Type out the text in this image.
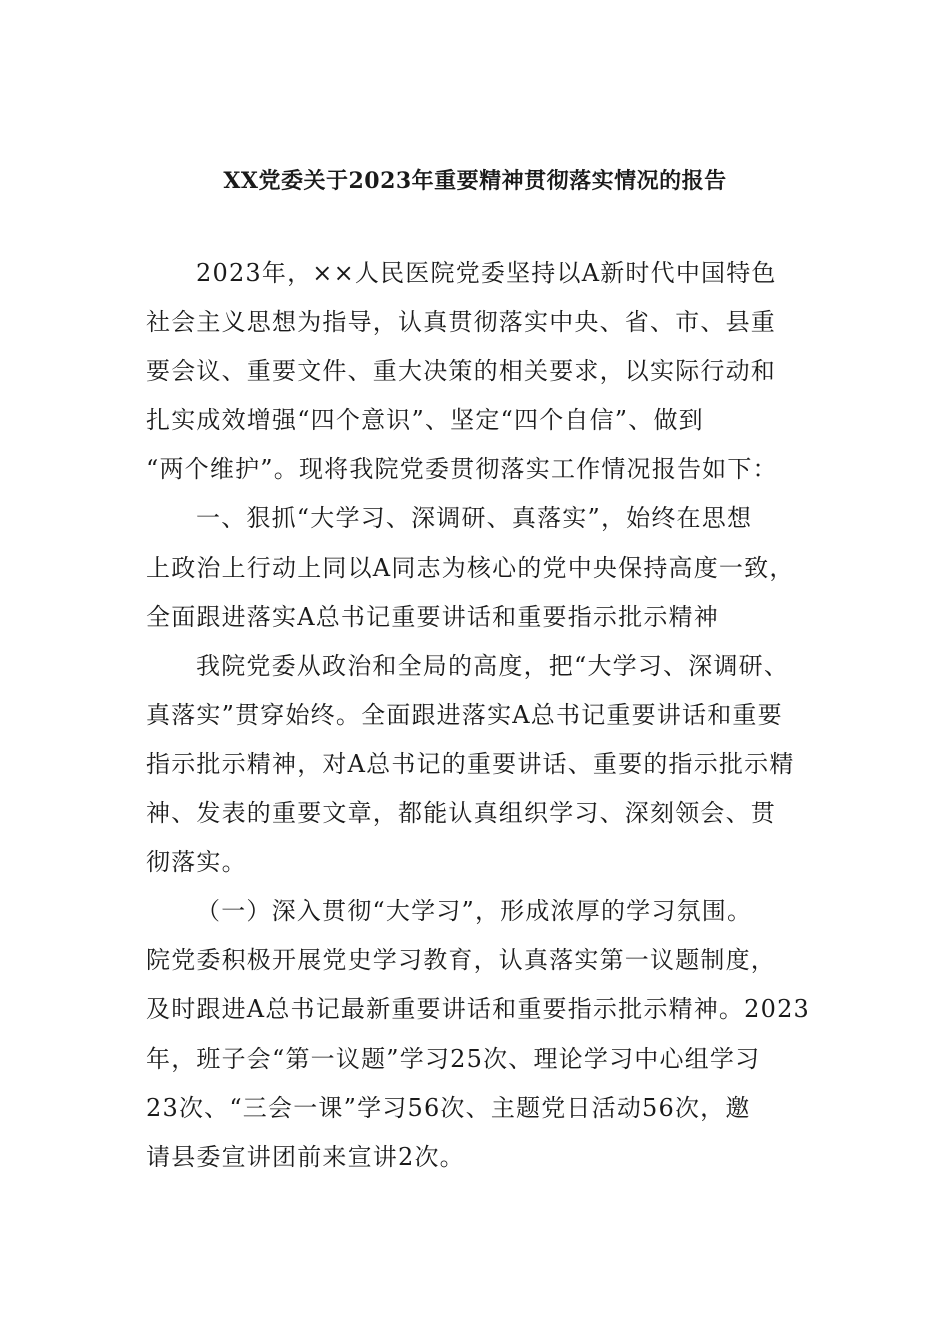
XX党委关于2023年重要精神贯彻落实情况的报告
2023年，××人民医院党委坚持以A新时代中国特色
社会主义思想为指导，认真贯彻落实中央、省、市、县重
要会议、重要文件、重大决策的相关要求，以实际行动和
扎实成效增强“四个意识”、坚定“四个自信”、做到
“两个维护”。现将我院党委贯彻落实工作情况报告如下：
一、狠抓“大学习、深调研、真落实”，始终在思想
上政治上行动上同以A同志为核心的党中央保持高度一致，
全面跟进落实A总书记重要讲话和重要指示批示精神
我院党委从政治和全局的高度，把“大学习、深调研、
真落实”贯穿始终。全面跟进落实A总书记重要讲话和重要
指示批示精神，对A总书记的重要讲话、重要的指示批示精
神、发表的重要文章，都能认真组织学习、深刻领会、贯
彻落实。
（一）深入贯彻“大学习”，形成浓厚的学习氛围。
院党委积极开展党史学习教育，认真落实第一议题制度，
及时跟进A总书记最新重要讲话和重要指示批示精神。2023
年，班子会“第一议题”学习25次、理论学习中心组学习
23次、“三会一课”学习56次、主题党日活动56次，邀
请县委宣讲团前来宣讲2次。
